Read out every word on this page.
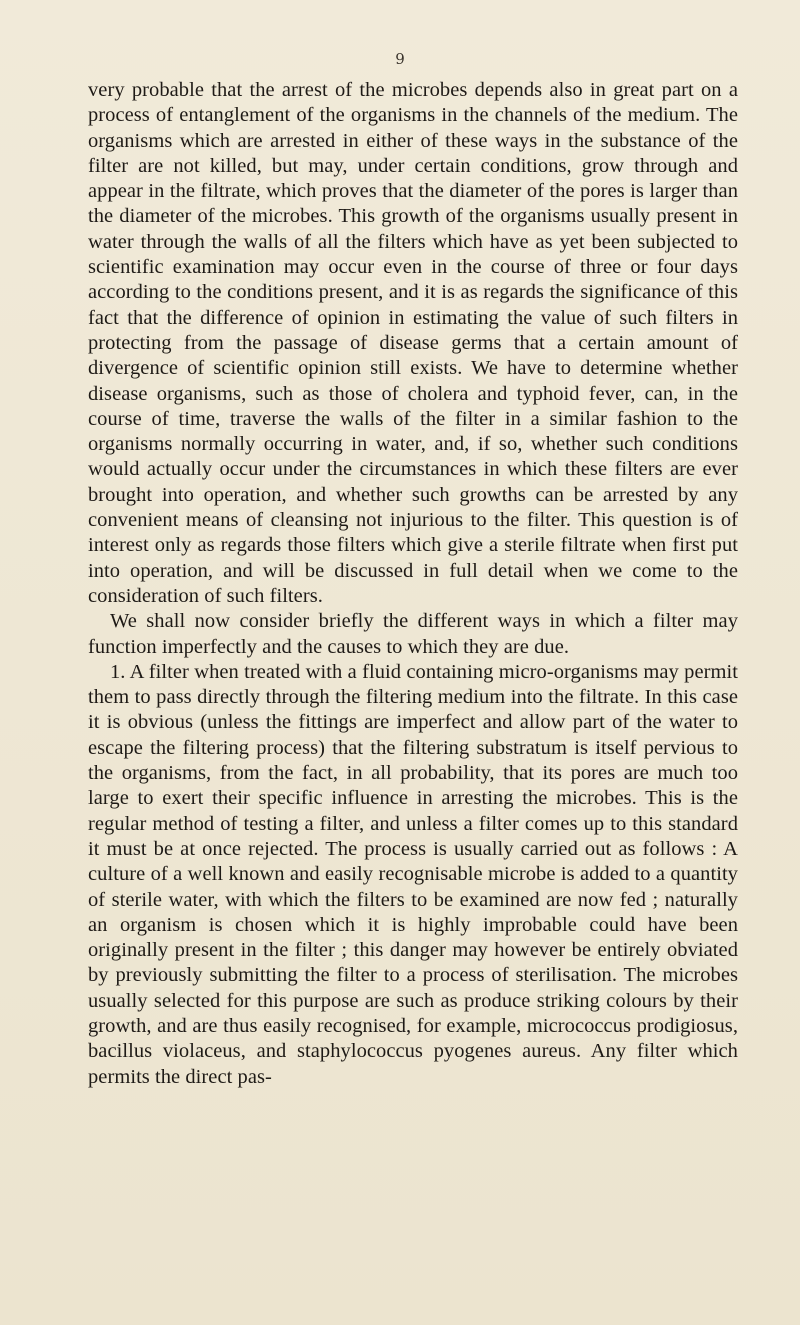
9

very probable that the arrest of the microbes depends also in great part on a process of entanglement of the organisms in the channels of the medium. The organisms which are arrested in either of these ways in the substance of the filter are not killed, but may, under certain conditions, grow through and appear in the filtrate, which proves that the diameter of the pores is larger than the diameter of the microbes. This growth of the organisms usually present in water through the walls of all the filters which have as yet been subjected to scientific examination may occur even in the course of three or four days according to the conditions present, and it is as regards the significance of this fact that the difference of opinion in estimating the value of such filters in protecting from the passage of disease germs that a certain amount of divergence of scientific opinion still exists. We have to determine whether disease organisms, such as those of cholera and typhoid fever, can, in the course of time, traverse the walls of the filter in a similar fashion to the organisms normally occurring in water, and, if so, whether such conditions would actually occur under the circumstances in which these filters are ever brought into operation, and whether such growths can be arrested by any convenient means of cleansing not injurious to the filter. This question is of interest only as regards those filters which give a sterile filtrate when first put into operation, and will be discussed in full detail when we come to the consideration of such filters.

We shall now consider briefly the different ways in which a filter may function imperfectly and the causes to which they are due.

1. A filter when treated with a fluid containing micro-organisms may permit them to pass directly through the filtering medium into the filtrate. In this case it is obvious (unless the fittings are imperfect and allow part of the water to escape the filtering process) that the filtering substratum is itself pervious to the organisms, from the fact, in all probability, that its pores are much too large to exert their specific influence in arresting the microbes. This is the regular method of testing a filter, and unless a filter comes up to this standard it must be at once rejected. The process is usually carried out as follows : A culture of a well known and easily recognisable microbe is added to a quantity of sterile water, with which the filters to be examined are now fed ; naturally an organism is chosen which it is highly improbable could have been originally present in the filter ; this danger may however be entirely obviated by previously submitting the filter to a process of sterilisation. The microbes usually selected for this purpose are such as produce striking colours by their growth, and are thus easily recognised, for example, micrococcus prodigiosus, bacillus violaceus, and staphylococcus pyogenes aureus. Any filter which permits the direct pas-
